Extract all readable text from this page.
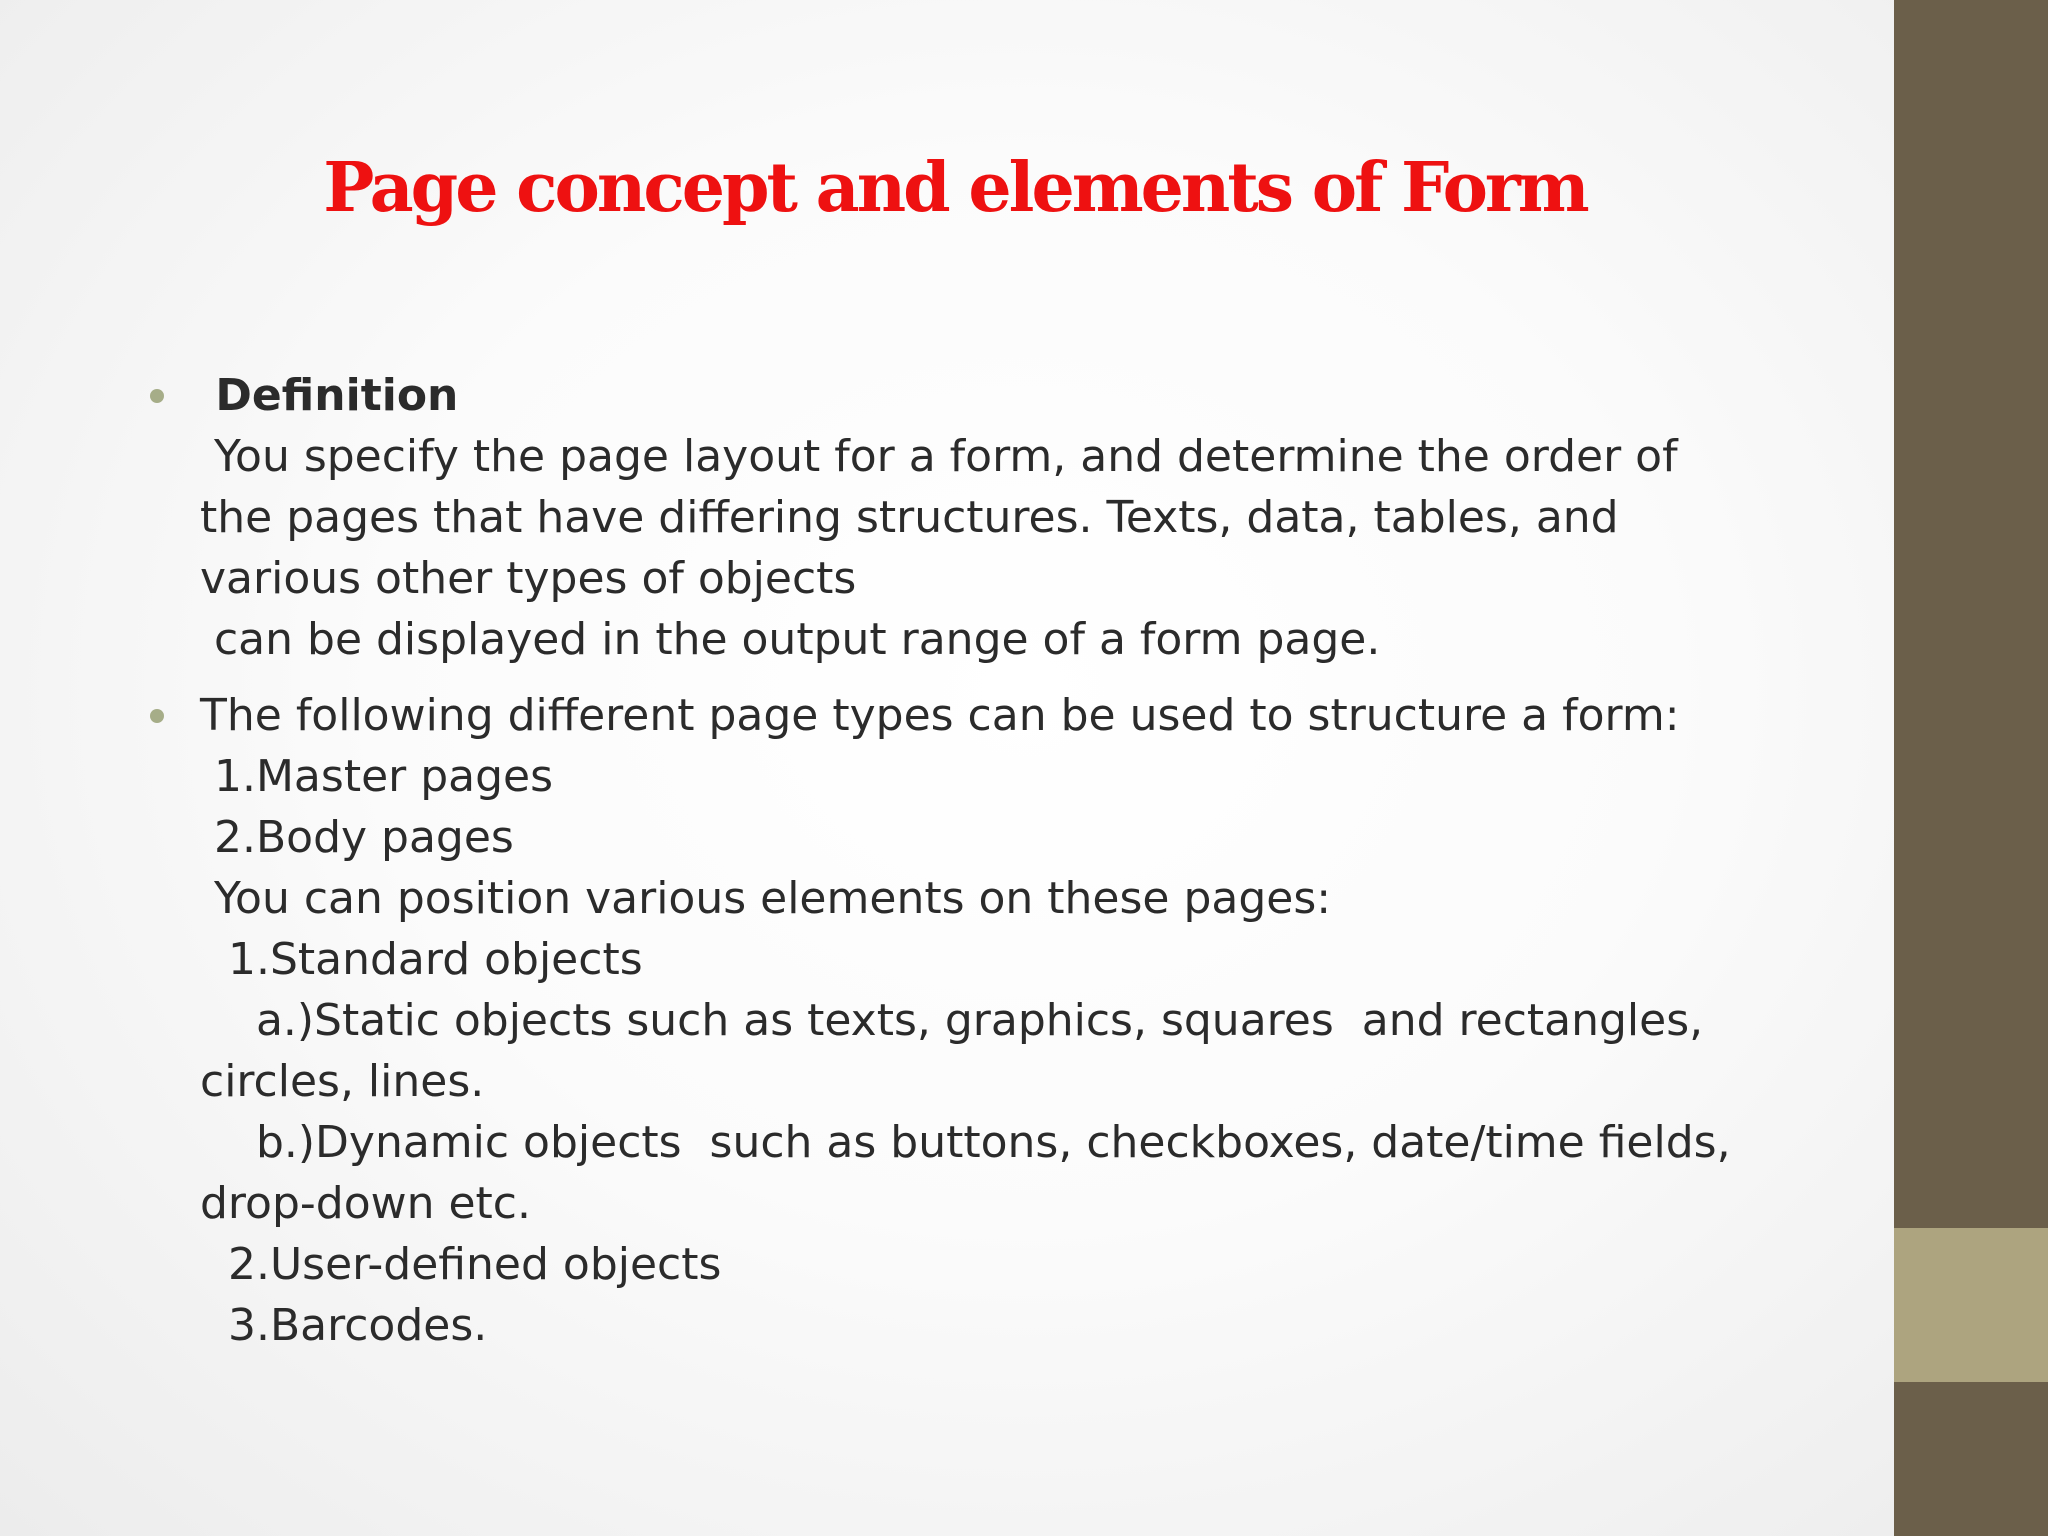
Page concept and elements of Form
Definition
You specify the page layout for a form, and determine the order of
the pages that have differing structures. Texts, data, tables, and
various other types of objects
can be displayed in the output range of a form page.
The following different page types can be used to structure a form:
1.Master pages
2.Body pages
You can position various elements on these pages:
1.Standard objects
a.)Static objects such as texts, graphics, squares  and rectangles,
circles, lines.
b.)Dynamic objects  such as buttons, checkboxes, date/time fields,
drop-down etc.
2.User-defined objects
3.Barcodes.
